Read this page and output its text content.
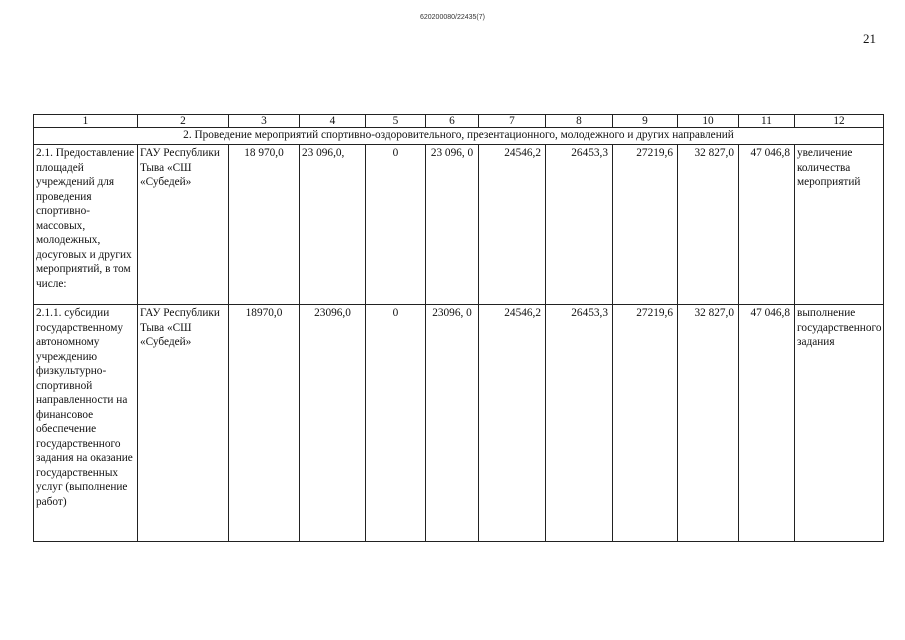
620200080/22435(7)
21
1	2	3	4	5	6	7	8	9	10	11	12
2. Проведение мероприятий спортивно-оздоровительного, презентационного, молодежного и других направлений											
2.1. Предоставление площадей учреждений для проведения спортивно-массовых, молодежных, досуговых и других мероприятий, в том числе:	ГАУ Республики Тыва «СШ «Субедей»	18 970,0	23 096,0,	0	23 096, 0	24546,2	26453,3	27219,6	32 827,0	47 046,8	увеличение количества мероприятий
2.1.1. субсидии государственному автономному учреждению физкультурно-спортивной направленности на финансовое обеспечение государственного задания на оказание государственных услуг (выполнение работ)	ГАУ Республики Тыва «СШ «Субедей»	18970,0	23096,0	0	23096, 0	24546,2	26453,3	27219,6	32 827,0	47 046,8	выполнение государственного задания
